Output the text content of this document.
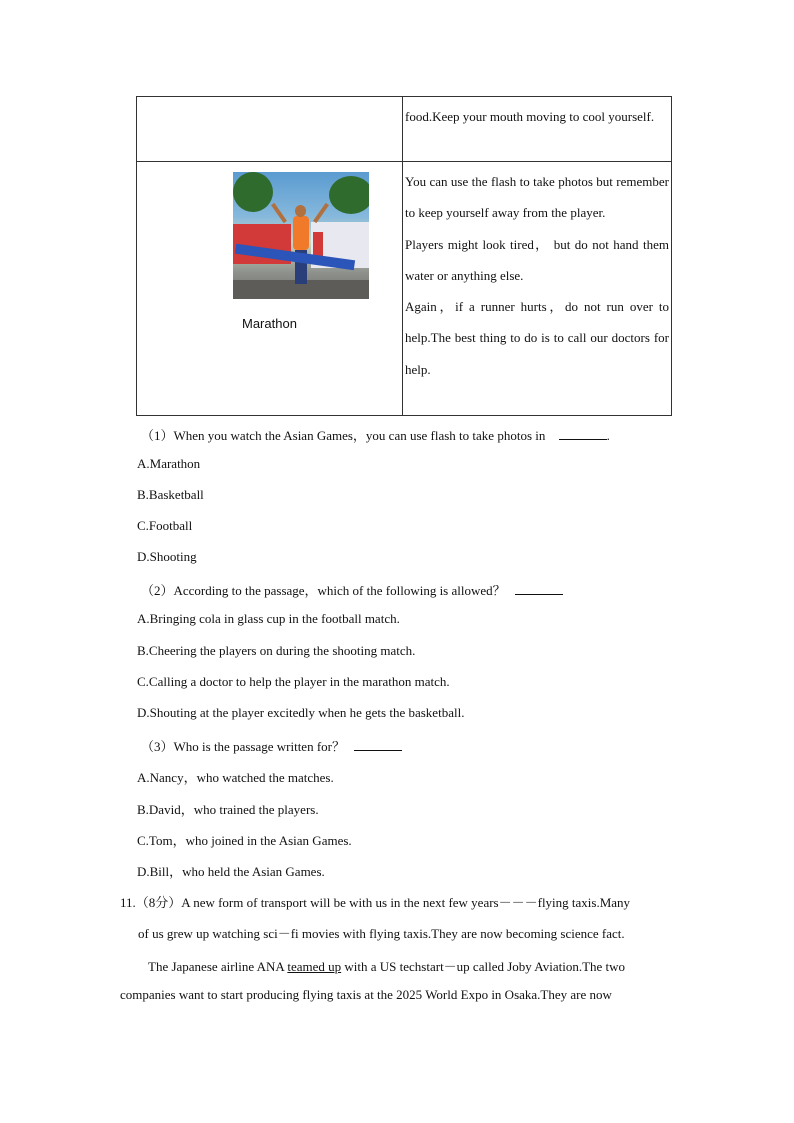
	food.Keep your mouth moving to cool yourself.

Marathon	You can use the flash to take photos but remember to keep yourself away from the player.
Players might look tired， but do not hand them water or anything else.
Again，if a runner hurts，do not run over to help.The best thing to do is to call our doctors for help.
（1）When you watch the Asian Games，you can use flash to take photos in	.
A.Marathon
B.Basketball
C.Football
D.Shooting
（2）According to the passage，which of the following is allowed？
A.Bringing cola in glass cup in the football match.
B.Cheering the players on during the shooting match.
C.Calling a doctor to help the player in the marathon match.
D.Shouting at the player excitedly when he gets the basketball.
（3）Who is the passage written for？
A.Nancy，who watched the matches.
B.David，who trained the players.
C.Tom，who joined in the Asian Games.
D.Bill，who held the Asian Games.
11.（8分）A new form of transport will be with us in the next few years－－－flying taxis.Many
of us grew up watching sci－fi movies with flying taxis.They are now becoming science fact.
The Japanese airline ANA teamed up with a US techstart－up called Joby Aviation.The two
companies want to start producing flying taxis at the 2025 World Expo in Osaka.They are now
